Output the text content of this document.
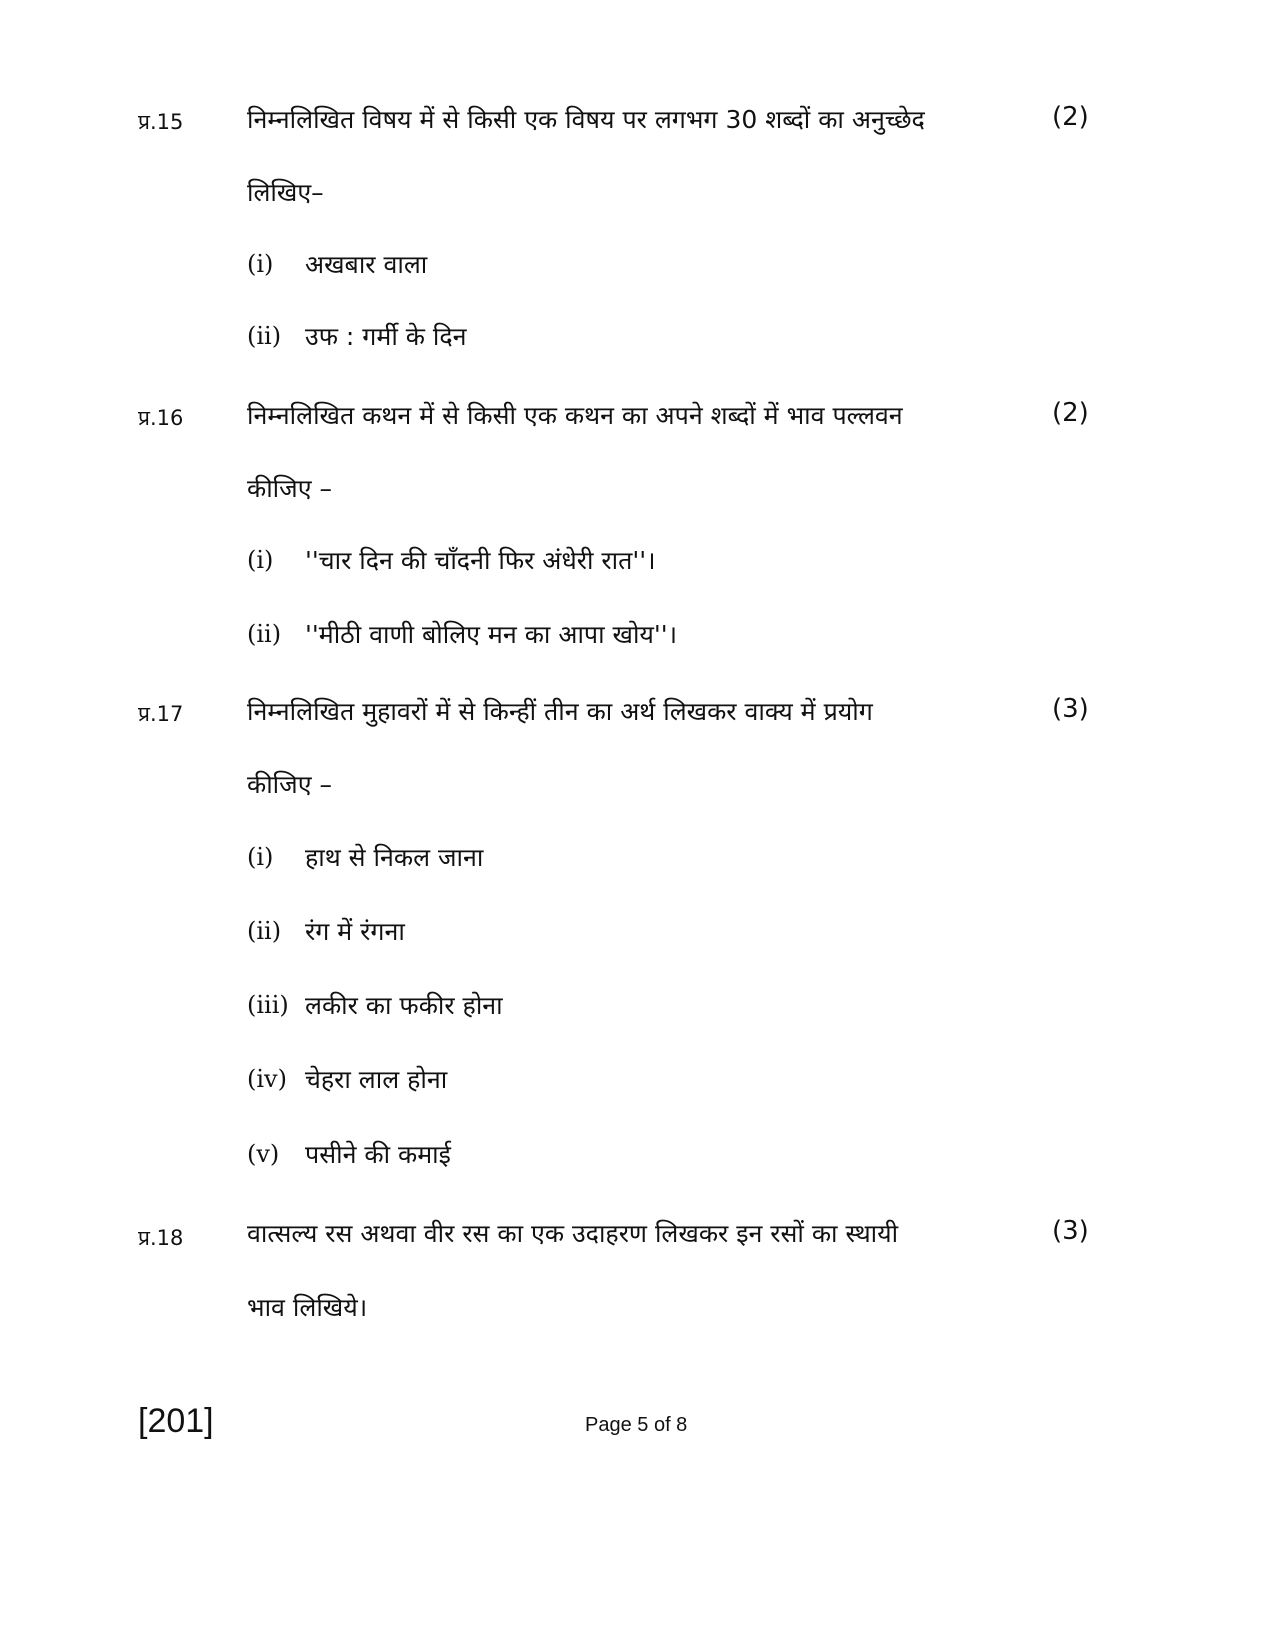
प्र.15	निम्नलिखित विषय में से किसी एक विषय पर लगभग 30 शब्दों का अनुच्छेद	(2)
लिखिए–
(i) अखबार वाला
(ii) उफ : गर्मी के दिन
प्र.16	निम्नलिखित कथन में से किसी एक कथन का अपने शब्दों में भाव पल्लवन	(2)
कीजिए –
(i) ''चार दिन की चाँदनी फिर अंधेरी रात''।
(ii) ''मीठी वाणी बोलिए मन का आपा खोय''।
प्र.17	निम्नलिखित मुहावरों में से किन्हीं तीन का अर्थ लिखकर वाक्य में प्रयोग	(3)
कीजिए –
(i) हाथ से निकल जाना
(ii) रंग में रंगना
(iii) लकीर का फकीर होना
(iv) चेहरा लाल होना
(v) पसीने की कमाई
प्र.18	वात्सल्य रस अथवा वीर रस का एक उदाहरण लिखकर इन रसों का स्थायी	(3)
भाव लिखिये।
[201]	Page 5 of 8
